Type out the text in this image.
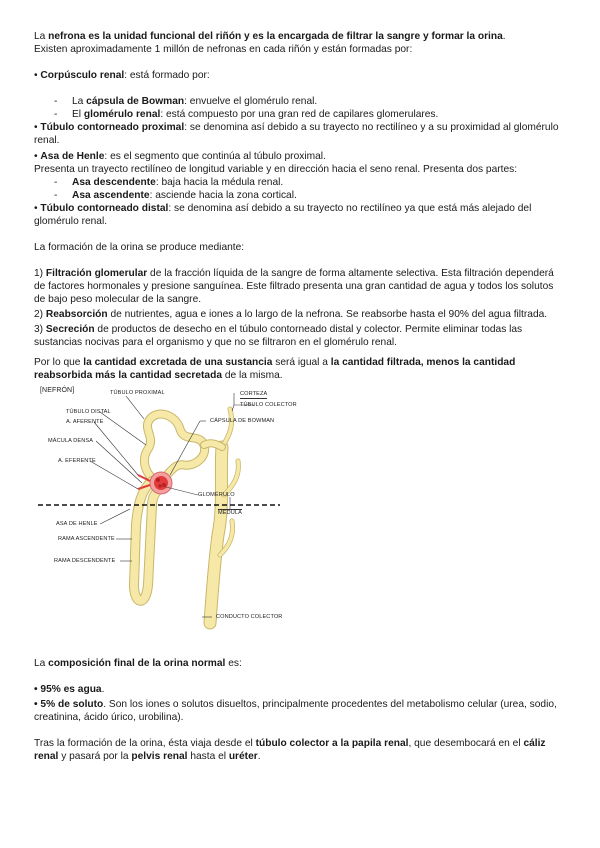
La nefrona es la unidad funcional del riñón y es la encargada de filtrar la sangre y formar la orina.
Existen aproximadamente 1 millón de nefronas en cada riñón y están formadas por:

• Corpúsculo renal: está formado por:

- La cápsula de Bowman: envuelve el glomérulo renal.
- El glomérulo renal: está compuesto por una gran red de capilares glomerulares.

• Túbulo contorneado proximal: se denomina así debido a su trayecto no rectilíneo y a su proximidad al glomérulo renal.

• Asa de Henle: es el segmento que continúa al túbulo proximal.
Presenta un trayecto rectilíneo de longitud variable y en dirección hacia el seno renal. Presenta dos partes:

- Asa descendente: baja hacia la médula renal.
- Asa ascendente: asciende hacia la zona cortical.

• Túbulo contorneado distal: se denomina así debido a su trayecto no rectilíneo ya que está más alejado del glomérulo renal.

La formación de la orina se produce mediante:

1) Filtración glomerular de la fracción líquida de la sangre de forma altamente selectiva. Esta filtración dependerá de factores hormonales y presione sanguínea. Este filtrado presenta una gran cantidad de agua y todos los solutos de bajo peso molecular de la sangre.

2) Reabsorción de nutrientes, agua e iones a lo largo de la nefrona. Se reabsorbe hasta el 90% del agua filtrada.

3) Secreción de productos de desecho en el túbulo contorneado distal y colector. Permite eliminar todas las sustancias nocivas para el organismo y que no se filtraron en el glomérulo renal.

Por lo que la cantidad excretada de una sustancia será igual a la cantidad filtrada, menos la cantidad reabsorbida más la cantidad secretada de la misma.

[NEFRÓN]	TÚBULO PROXIMAL	CORTEZA
TÚBULO COLECTOR
TÚBULO DISTAL
CÁPSULA DE BOWMAN
A. AFERENTE
MÁCULA DENSA
GLOMÉRULO
A. EFERENTE
MÉDULA
ASA DE HENLE
RAMA ASCENDENTE
RAMA DESCENDENTE
CONDUCTO COLECTOR

La composición final de la orina normal es:

• 95% es agua.

• 5% de soluto. Son los iones o solutos disueltos, principalmente procedentes del metabolismo celular (urea, sodio, creatinina, ácido úrico, urobilina).

Tras la formación de la orina, ésta viaja desde el túbulo colector a la papila renal, que desembocará en el cáliz renal y pasará por la pelvis renal hasta el uréter.
